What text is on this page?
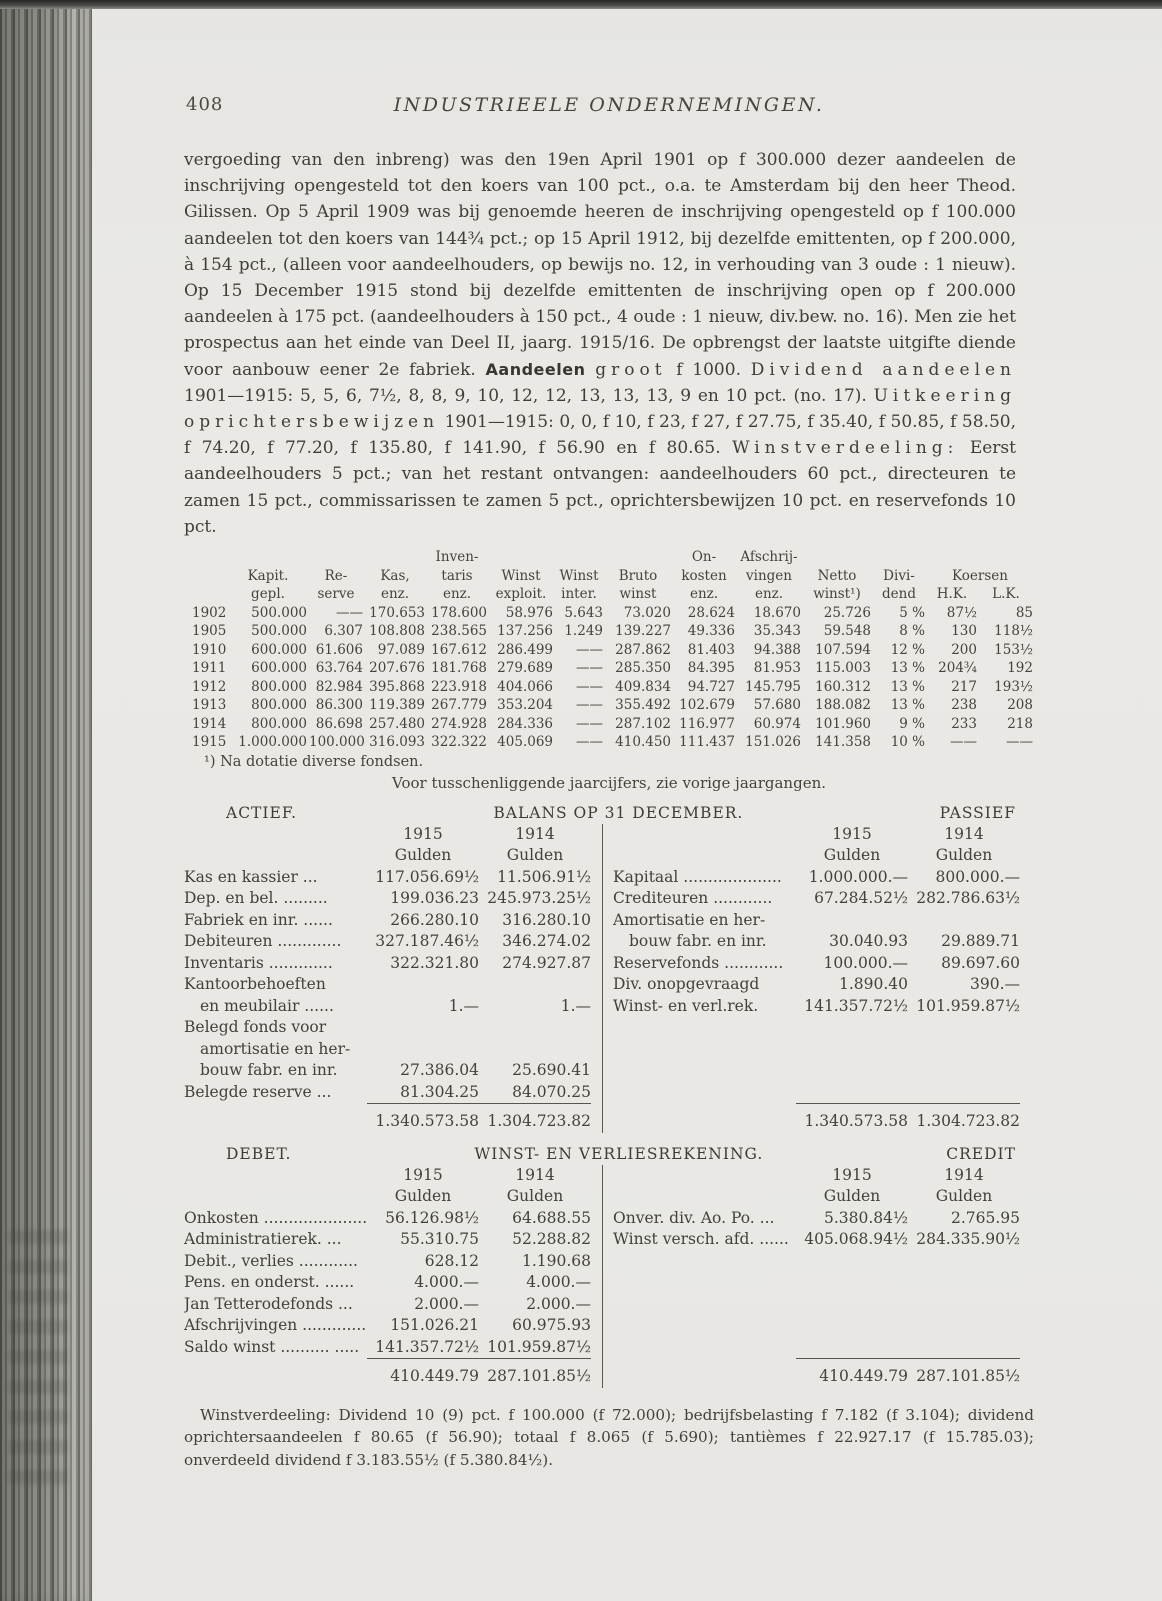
408	INDUSTRIEELE ONDERNEMINGEN.

vergoeding van den inbreng) was den 19en April 1901 op f 300.000 dezer aandeelen de inschrijving opengesteld tot den koers van 100 pct., o.a. te Amsterdam bij den heer Theod. Gilissen. Op 5 April 1909 was bij genoemde heeren de inschrijving opengesteld op f 100.000 aandeelen tot den koers van 144¾ pct.; op 15 April 1912, bij dezelfde emittenten, op f 200.000, à 154 pct., (alleen voor aandeelhouders, op bewijs no. 12, in verhouding van 3 oude : 1 nieuw). Op 15 December 1915 stond bij dezelfde emittenten de inschrijving open op f 200.000 aandeelen à 175 pct. (aandeelhouders à 150 pct., 4 oude : 1 nieuw, div.bew. no. 16). Men zie het prospectus aan het einde van Deel II, jaarg. 1915/16. De opbrengst der laatste uitgifte diende voor aanbouw eener 2e fabriek. Aandeelen groot f 1000. Dividend aandeelen 1901—1915: 5, 5, 6, 7½, 8, 8, 9, 10, 12, 12, 13, 13, 13, 9 en 10 pct. (no. 17). Uitkeering oprichtersbewijzen 1901—1915: 0, 0, f 10, f 23, f 27, f 27.75, f 35.40, f 50.85, f 58.50, f 74.20, f 77.20, f 135.80, f 141.90, f 56.90 en f 80.65. Winstverdeeling: Eerst aandeelhouders 5 pct.; van het restant ontvangen: aandeelhouders 60 pct., directeuren te zamen 15 pct., commissarissen te zamen 5 pct., oprichtersbewijzen 10 pct. en reservefonds 10 pct.

				Inven-				On-	Afschrij-				
	Kapit.	Re-	Kas,	taris	Winst	Winst	Bruto	kosten	vingen	Netto	Divi-	Koersen	
	gepl.	serve	enz.	enz.	exploit.	inter.	winst	enz.	enz.	winst¹)	dend	H.K.	L.K.
1902	500.000	——	170.653	178.600	58.976	5.643	73.020	28.624	18.670	25.726	5 %	87½	85
1905	500.000	6.307	108.808	238.565	137.256	1.249	139.227	49.336	35.343	59.548	8 %	130	118½
1910	600.000	61.606	97.089	167.612	286.499	——	287.862	81.403	94.388	107.594	12 %	200	153½
1911	600.000	63.764	207.676	181.768	279.689	——	285.350	84.395	81.953	115.003	13 %	204¾	192
1912	800.000	82.984	395.868	223.918	404.066	——	409.834	94.727	145.795	160.312	13 %	217	193½
1913	800.000	86.300	119.389	267.779	353.204	——	355.492	102.679	57.680	188.082	13 %	238	208
1914	800.000	86.698	257.480	274.928	284.336	——	287.102	116.977	60.974	101.960	9 %	233	218
1915	1.000.000	100.000	316.093	322.322	405.069	——	410.450	111.437	151.026	141.358	10 %	——	——
¹) Na dotatie diverse fondsen.
Voor tusschenliggende jaarcijfers, zie vorige jaargangen.
ACTIEF.	BALANS OP 31 DECEMBER.	PASSIEF
1915	1914
Gulden	Gulden
Kas en kassier ...	117.056.69½	11.506.91½
Dep. en bel. .........	199.036.23 245.973.25½
Fabriek en inr. ......	266.280.10	316.280.10
Debiteuren .............	327.187.46½	346.274.02
Inventaris .............	322.321.80	274.927.87
Kantoorbehoeften
en meubilair ......	1.—	1.—
Belegd fonds voor
amortisatie en her-
bouw fabr. en inr.	27.386.04	25.690.41
Belegde reserve ...	81.304.25	84.070.25
1.340.573.58 1.304.723.82
1915	1914
Gulden	Gulden
Kapitaal ....................	1.000.000.—	800.000.—
Crediteuren ............	67.284.52½ 282.786.63½
Amortisatie en her-
bouw fabr. en inr.	30.040.93	29.889.71
Reservefonds ............	100.000.—	89.697.60
Div. onopgevraagd	1.890.40	390.—
Winst- en verl.rek.	141.357.72½ 101.959.87½
1.340.573.58 1.304.723.82
DEBET.	WINST- EN VERLIESREKENING.	CREDIT
1915	1914
Gulden	Gulden
Onkosten .....................	56.126.98½	64.688.55
Administratierek. ...	55.310.75	52.288.82
Debit., verlies ............	628.12	1.190.68
Pens. en onderst. ......	4.000.—	4.000.—
Jan Tetterodefonds ...	2.000.—	2.000.—
Afschrijvingen .............	151.026.21	60.975.93
Saldo winst .......... .....	141.357.72½ 101.959.87½
410.449.79 287.101.85½
1915	1914
Gulden	Gulden
Onver. div. Ao. Po. ...	5.380.84½	2.765.95
Winst versch. afd. ...... 405.068.94½ 284.335.90½
410.449.79 287.101.85½

Winstverdeeling: Dividend 10 (9) pct. f 100.000 (f 72.000); bedrijfsbelasting f 7.182 (f 3.104); dividend oprichtersaandeelen f 80.65 (f 56.90); totaal f 8.065 (f 5.690); tantièmes f 22.927.17 (f 15.785.03); onverdeeld dividend f 3.183.55½ (f 5.380.84½).
